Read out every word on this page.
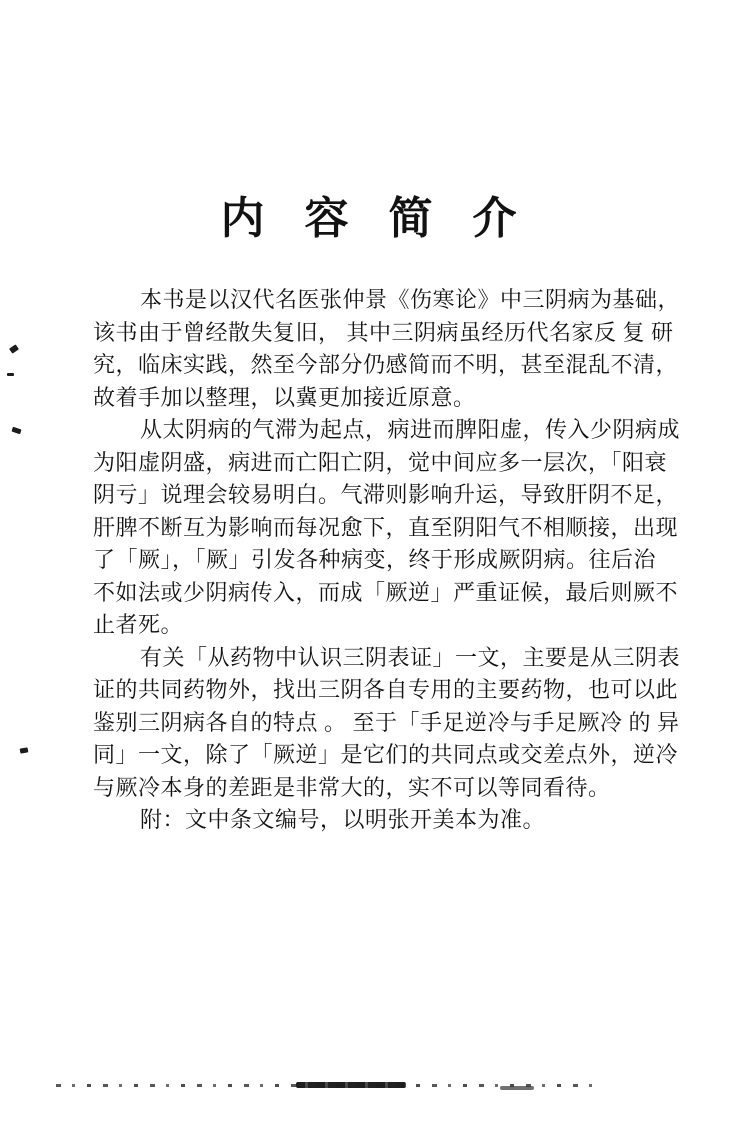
内容简介

本书是以汉代名医张仲景《伤寒论》中三阴病为基础，

该书由于曾经散失复旧， 其中三阴病虽经历代名家反 复 研

究，临床实践，然至今部分仍感简而不明，甚至混乱不清，

故着手加以整理，以冀更加接近原意。

从太阴病的气滞为起点，病进而脾阳虚，传入少阴病成

为阳虚阴盛，病进而亡阳亡阴，觉中间应多一层次，「阳衰

阴亏」说理会较易明白。气滞则影响升运，导致肝阴不足，

肝脾不断互为影响而每况愈下，直至阴阳气不相顺接，出现

了「厥」，「厥」引发各种病变，终于形成厥阴病。往后治

不如法或少阴病传入，而成「厥逆」严重证候，最后则厥不

止者死。

有关「从药物中认识三阴表证」一文，主要是从三阴表

证的共同药物外，找出三阴各自专用的主要药物，也可以此

鉴别三阴病各自的特点 。 至于「手足逆冷与手足厥冷 的 异

同」一文，除了「厥逆」是它们的共同点或交差点外，逆冷

与厥冷本身的差距是非常大的，实不可以等同看待。

附：文中条文编号，以明张开美本为准。
